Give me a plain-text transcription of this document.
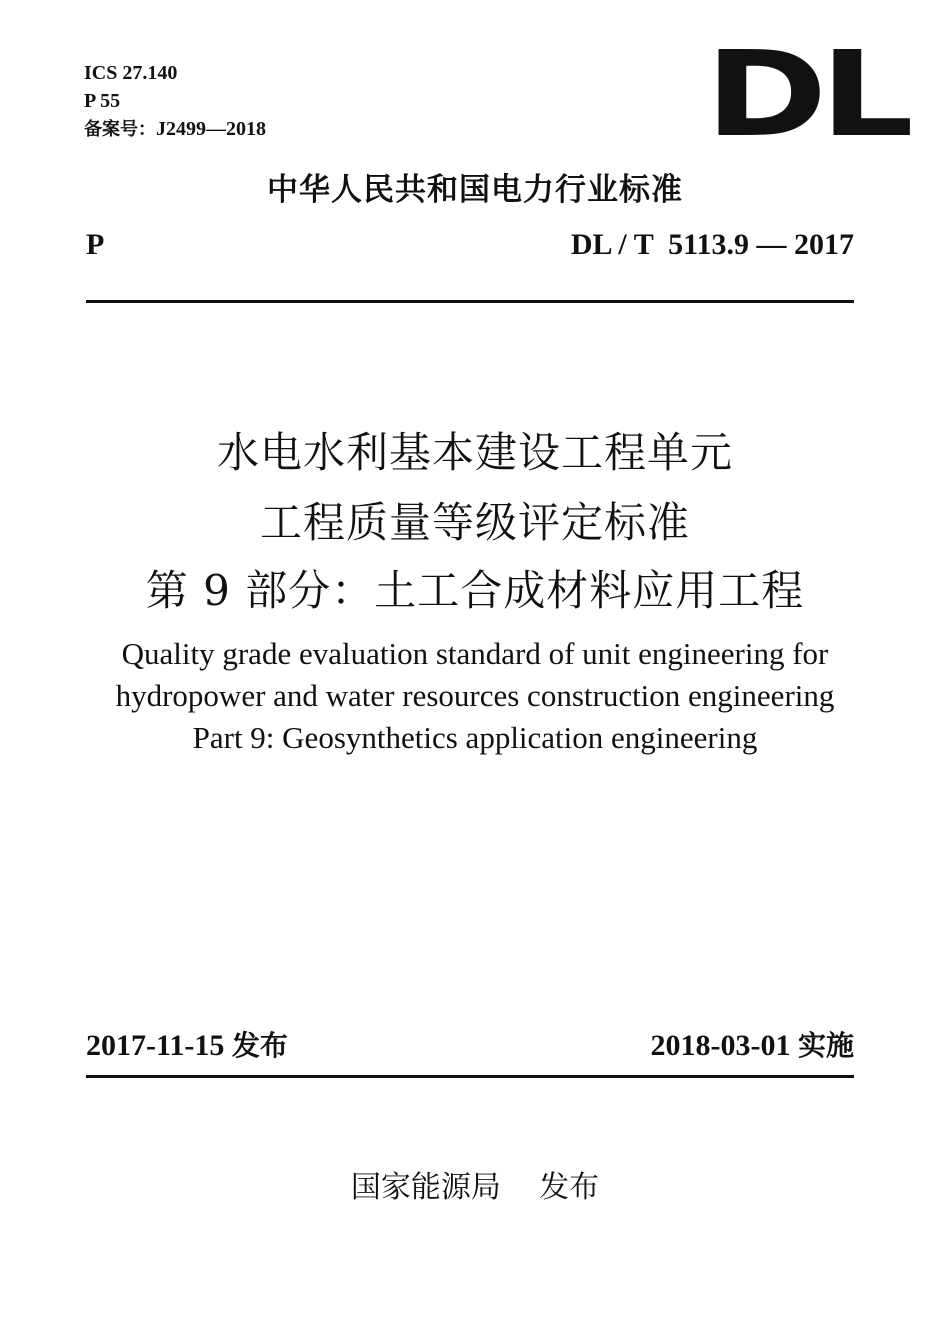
ICS 27.140
P 55
备案号：J2499—2018	DL
中华人民共和国电力行业标准
P	DL / T  5113.9 — 2017
水电水利基本建设工程单元
工程质量等级评定标准
第 9 部分：土工合成材料应用工程
Quality grade evaluation standard of unit engineering for
hydropower and water resources construction engineering
Part 9: Geosynthetics application engineering
2017-11-15 发布	2018-03-01 实施
国家能源局    发布
